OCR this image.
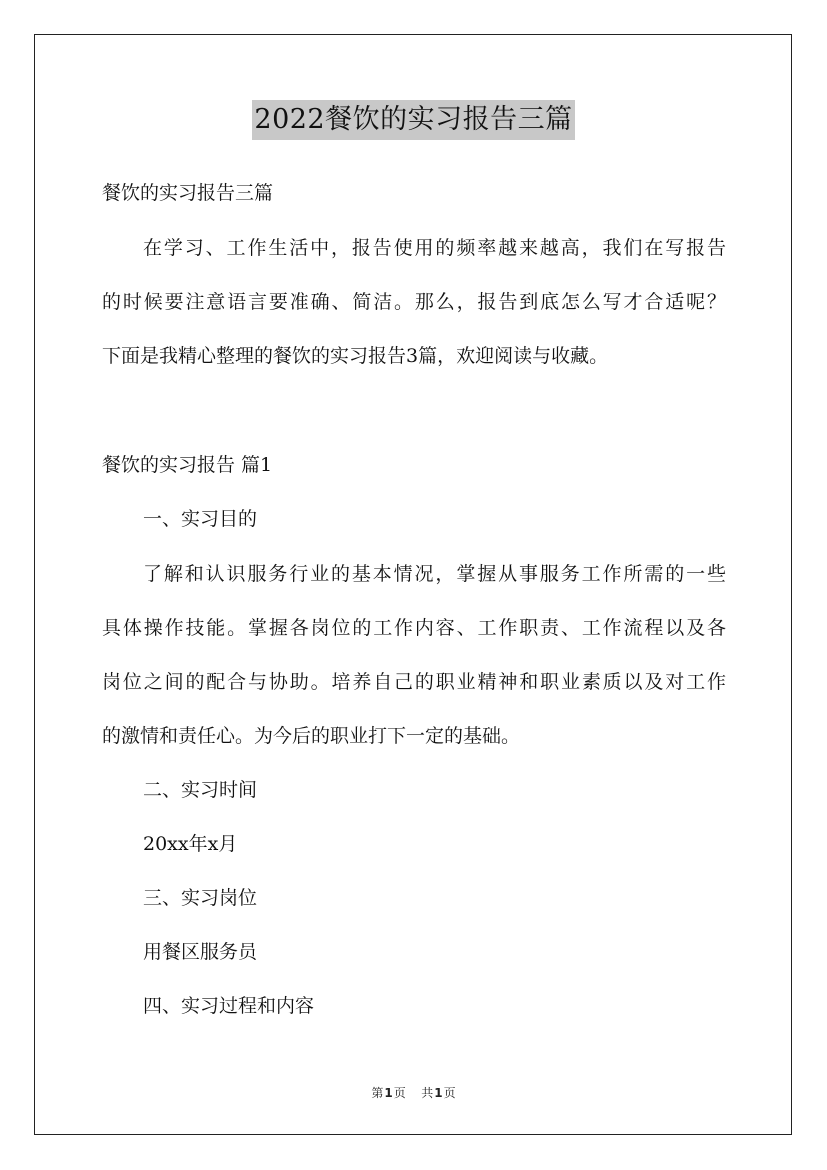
2022餐饮的实习报告三篇
餐饮的实习报告三篇
在学习、工作生活中，报告使用的频率越来越高，我们在写报告
的时候要注意语言要准确、简洁。那么，报告到底怎么写才合适呢？
下面是我精心整理的餐饮的实习报告3篇，欢迎阅读与收藏。
餐饮的实习报告 篇1
一、实习目的
了解和认识服务行业的基本情况，掌握从事服务工作所需的一些
具体操作技能。掌握各岗位的工作内容、工作职责、工作流程以及各
岗位之间的配合与协助。培养自己的职业精神和职业素质以及对工作
的激情和责任心。为今后的职业打下一定的基础。
二、实习时间
20xx年x月
三、实习岗位
用餐区服务员
四、实习过程和内容
第1页 共1页
